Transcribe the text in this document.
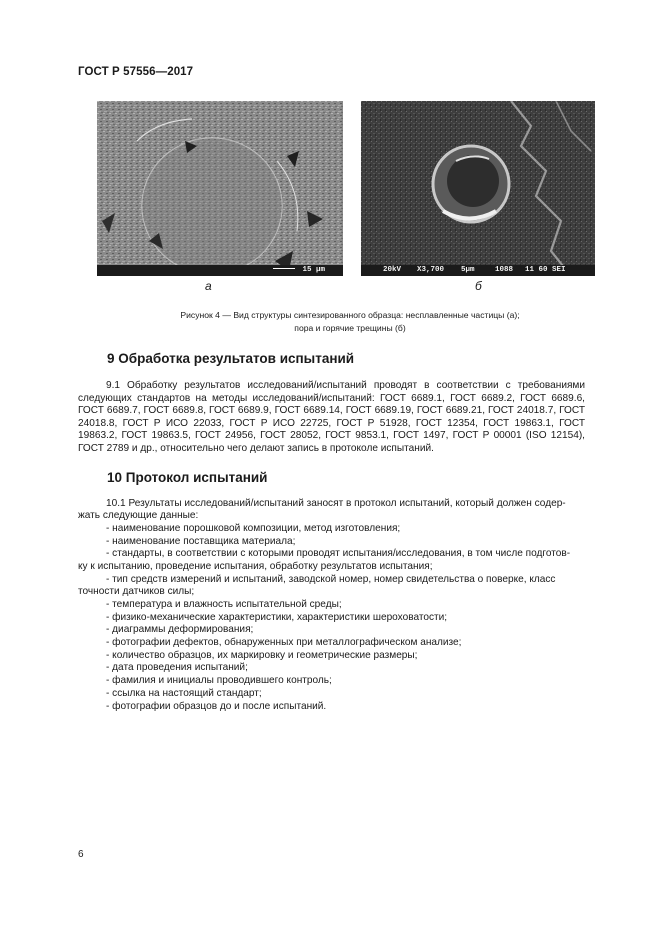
ГОСТ Р 57556—2017
15 µm
а
20kV X3,700 5µm	1088 11 60 SEI
б
Рисунок 4 — Вид структуры синтезированного образца: несплавленные частицы (а);
пора и горячие трещины (б)
9 Обработка результатов испытаний
9.1 Обработку результатов исследований/испытаний проводят в соответствии с требованиями следующих стандартов на методы исследований/испытаний: ГОСТ 6689.1, ГОСТ 6689.2, ГОСТ 6689.6, ГОСТ 6689.7, ГОСТ 6689.8, ГОСТ 6689.9, ГОСТ 6689.14, ГОСТ 6689.19, ГОСТ 6689.21, ГОСТ 24018.7, ГОСТ 24018.8, ГОСТ Р ИСО 22033, ГОСТ Р ИСО 22725, ГОСТ Р 51928, ГОСТ 12354, ГОСТ 19863.1, ГОСТ 19863.2, ГОСТ 19863.5, ГОСТ 24956, ГОСТ 28052, ГОСТ 9853.1, ГОСТ 1497, ГОСТ Р 00001 (ISO 12154), ГОСТ 2789 и др., относительно чего делают запись в протоколе испытаний.
10 Протокол испытаний
10.1 Результаты исследований/испытаний заносят в протокол испытаний, который должен содер-
жать следующие данные:
- наименование порошковой композиции, метод изготовления;
- наименование поставщика материала;
- стандарты, в соответствии с которыми проводят испытания/исследования, в том числе подготов-
ку к испытанию, проведение испытания, обработку результатов испытания;
- тип средств измерений и испытаний, заводской номер, номер свидетельства о поверке, класс
точности датчиков силы;
- температура и влажность испытательной среды;
- физико-механические характеристики, характеристики шероховатости;
- диаграммы деформирования;
- фотографии дефектов, обнаруженных при металлографическом анализе;
- количество образцов, их маркировку и геометрические размеры;
- дата проведения испытаний;
- фамилия и инициалы проводившего контроль;
- ссылка на настоящий стандарт;
- фотографии образцов до и после испытаний.
6
